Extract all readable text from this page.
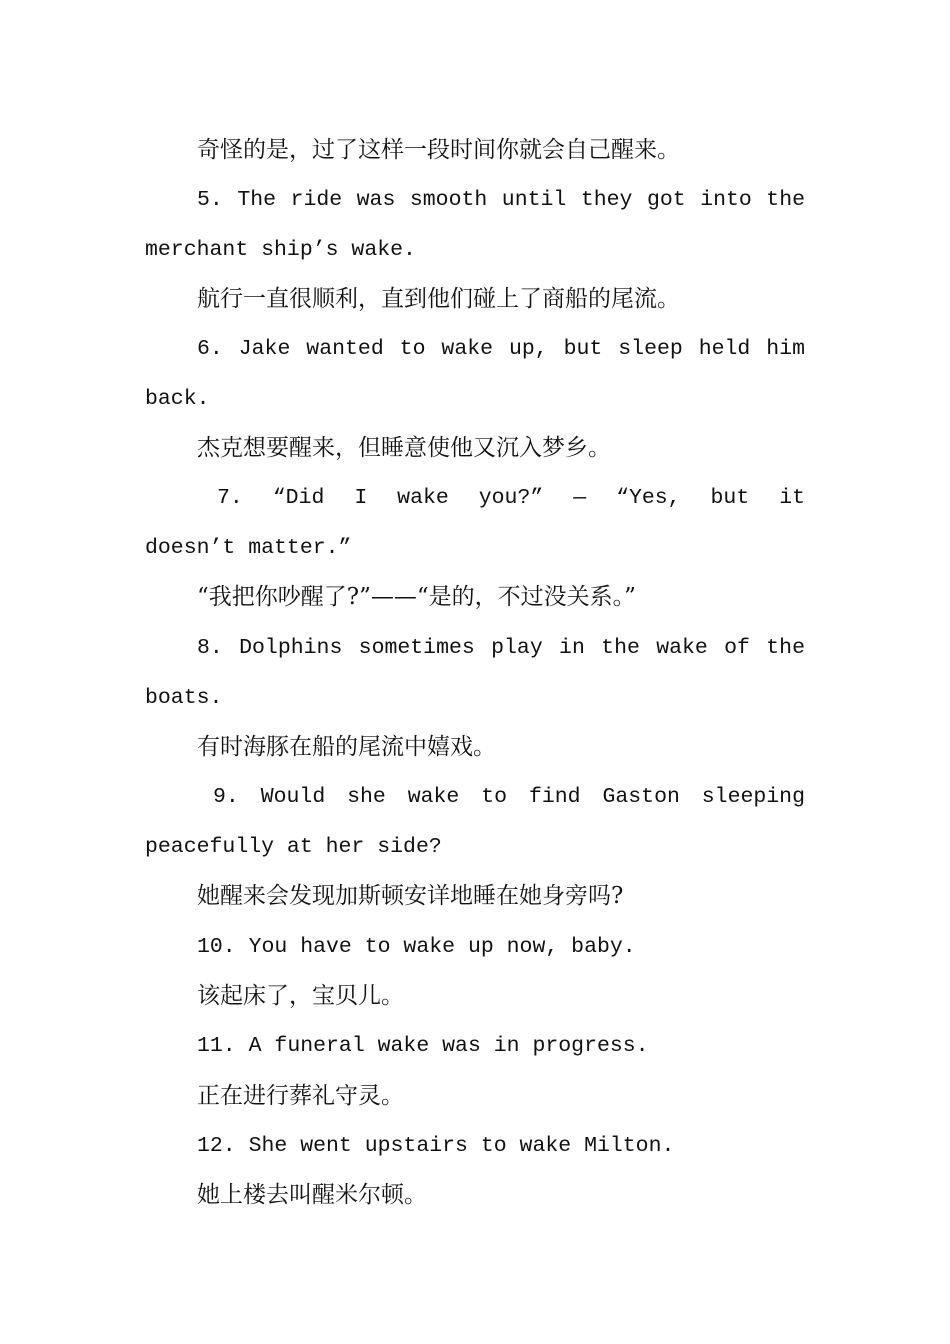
奇怪的是，过了这样一段时间你就会自己醒来。
5. The ride was smooth until they got into the
merchant ship’s wake.
航行一直很顺利，直到他们碰上了商船的尾流。
6. Jake wanted to wake up, but sleep held him
back.
杰克想要醒来，但睡意使他又沉入梦乡。
7. “Did I wake you?” — “Yes, but it
doesn’t matter.”
“我把你吵醒了?”——“是的，不过没关系。”
8. Dolphins sometimes play in the wake of the
boats.
有时海豚在船的尾流中嬉戏。
9. Would she wake to find Gaston sleeping
peacefully at her side?
她醒来会发现加斯顿安详地睡在她身旁吗?
10. You have to wake up now, baby.
该起床了，宝贝儿。
11. A funeral wake was in progress.
正在进行葬礼守灵。
12. She went upstairs to wake Milton.
她上楼去叫醒米尔顿。
